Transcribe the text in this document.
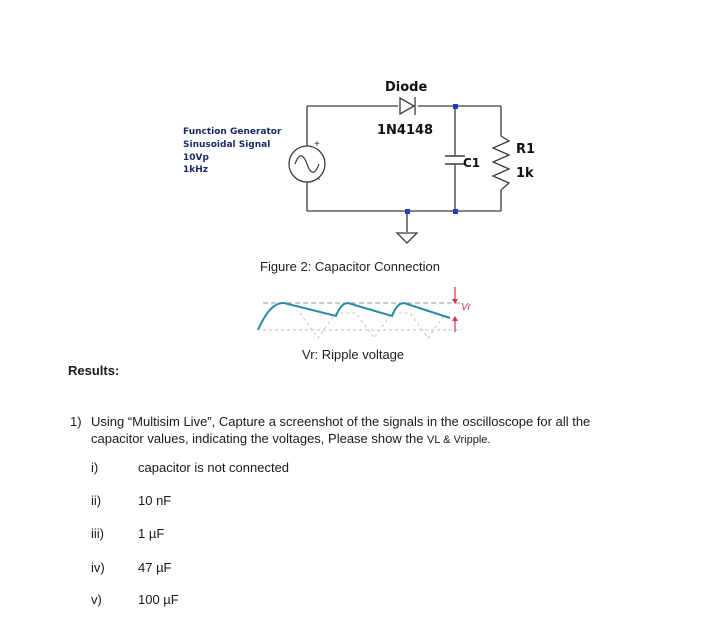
Diode
1N4148
C1
R1
1k
+
-
Function Generator
Sinusoidal Signal
10Vp
1kHz
Figure 2: Capacitor Connection
Vr
Vr: Ripple voltage
Results:
1) Using “Multisim Live”, Capture a screenshot of the signals in the oscilloscope for all the
capacitor values, indicating the voltages, Please show the VL & Vripple.
i)	capacitor is not connected
ii)	10 nF
iii)	1 µF
iv)	47 µF
v)	100 µF
